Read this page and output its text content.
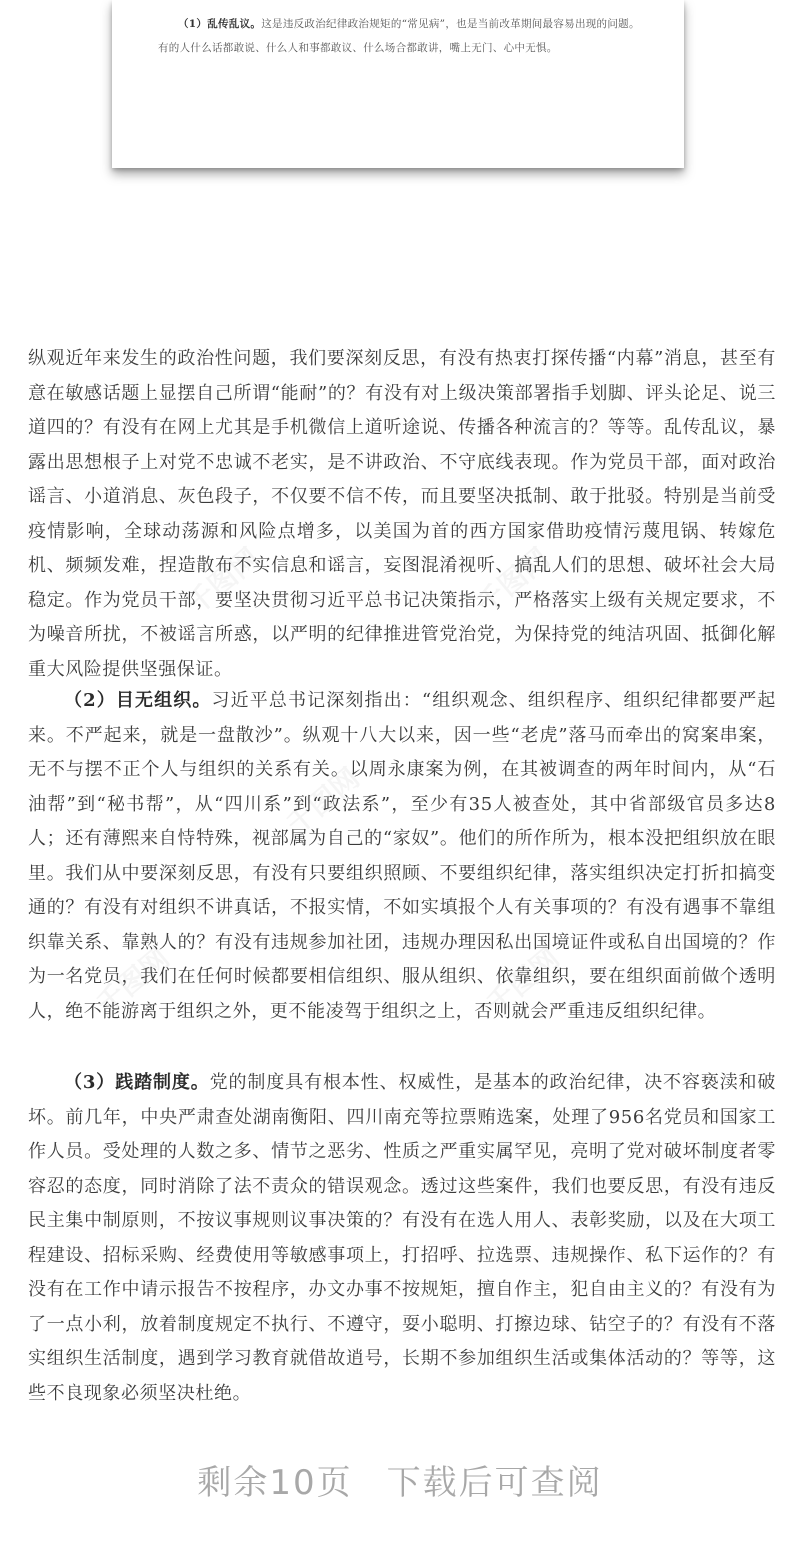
千图网	千图网
千图网
千图网	千图网
（1）乱传乱议。这是违反政治纪律政治规矩的“常见病”，也是当前改革期间最容易出现的问题。有的人什么话都敢说、什么人和事都敢议、什么场合都敢讲，嘴上无门、心中无惧。
纵观近年来发生的政治性问题，我们要深刻反思，有没有热衷打探传播“内幕”消息，甚至有意在敏感话题上显摆自己所谓“能耐”的？有没有对上级决策部署指手划脚、评头论足、说三道四的？有没有在网上尤其是手机微信上道听途说、传播各种流言的？等等。乱传乱议，暴露出思想根子上对党不忠诚不老实，是不讲政治、不守底线表现。作为党员干部，面对政治谣言、小道消息、灰色段子，不仅要不信不传，而且要坚决抵制、敢于批驳。特别是当前受疫情影响，全球动荡源和风险点增多，以美国为首的西方国家借助疫情污蔑甩锅、转嫁危机、频频发难，捏造散布不实信息和谣言，妄图混淆视听、搞乱人们的思想、破坏社会大局稳定。作为党员干部，要坚决贯彻习近平总书记决策指示，严格落实上级有关规定要求，不为噪音所扰，不被谣言所惑，以严明的纪律推进管党治党，为保持党的纯洁巩固、抵御化解重大风险提供坚强保证。
（2）目无组织。习近平总书记深刻指出：“组织观念、组织程序、组织纪律都要严起来。不严起来，就是一盘散沙”。纵观十八大以来，因一些“老虎”落马而牵出的窝案串案，无不与摆不正个人与组织的关系有关。以周永康案为例，在其被调查的两年时间内，从“石油帮”到“秘书帮”，从“四川系”到“政法系”，至少有35人被查处，其中省部级官员多达8人；还有薄熙来自恃特殊，视部属为自己的“家奴”。他们的所作所为，根本没把组织放在眼里。我们从中要深刻反思，有没有只要组织照顾、不要组织纪律，落实组织决定打折扣搞变通的？有没有对组织不讲真话，不报实情，不如实填报个人有关事项的？有没有遇事不靠组织靠关系、靠熟人的？有没有违规参加社团，违规办理因私出国境证件或私自出国境的？作为一名党员，我们在任何时候都要相信组织、服从组织、依靠组织，要在组织面前做个透明人，绝不能游离于组织之外，更不能凌驾于组织之上，否则就会严重违反组织纪律。
（3）践踏制度。党的制度具有根本性、权威性，是基本的政治纪律，决不容亵渎和破坏。前几年，中央严肃查处湖南衡阳、四川南充等拉票贿选案，处理了956名党员和国家工作人员。受处理的人数之多、情节之恶劣、性质之严重实属罕见，亮明了党对破坏制度者零容忍的态度，同时消除了法不责众的错误观念。透过这些案件，我们也要反思，有没有违反民主集中制原则，不按议事规则议事决策的？有没有在选人用人、表彰奖励，以及在大项工程建设、招标采购、经费使用等敏感事项上，打招呼、拉选票、违规操作、私下运作的？有没有在工作中请示报告不按程序，办文办事不按规矩，擅自作主，犯自由主义的？有没有为了一点小利，放着制度规定不执行、不遵守，耍小聪明、打擦边球、钻空子的？有没有不落实组织生活制度，遇到学习教育就借故逍号，长期不参加组织生活或集体活动的？等等，这些不良现象必须坚决杜绝。
剩余10页 下载后可查阅
